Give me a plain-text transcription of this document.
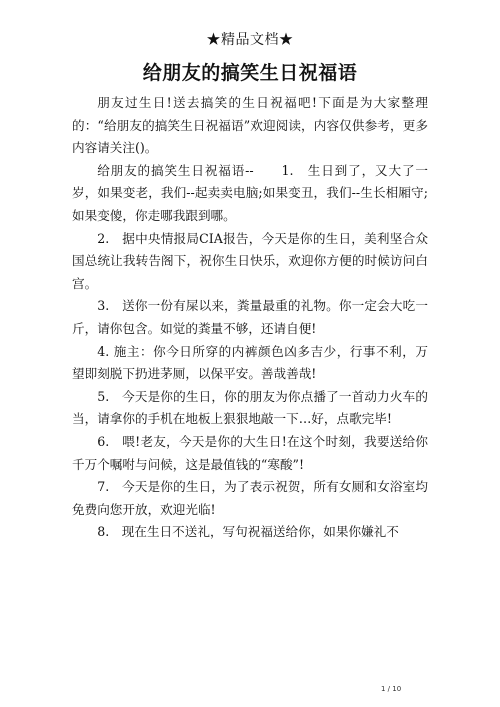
★精品文档★
给朋友的搞笑生日祝福语

朋友过生日!送去搞笑的生日祝福吧!下面是为大家整理的：“给朋友的搞笑生日祝福语”欢迎阅读，内容仅供参考，更多内容请关注()。

给朋友的搞笑生日祝福语--　　1.　生日到了，又大了一岁，如果变老，我们--起卖卖电脑;如果变丑，我们--生长相厢守;如果变傻，你走哪我跟到哪。

2.　据中央情报局CIA报告，今天是你的生日，美利坚合众国总统让我转告阁下，祝你生日快乐，欢迎你方便的时候访问白宫。

3.　送你一份有屎以来，粪量最重的礼物。你一定会大吃一斤，请你包含。如觉的粪量不够，还请自便!

4. 施主：你今日所穿的内裤颜色凶多吉少，行事不利，万望即刻脱下扔进茅厕，以保平安。善哉善哉!

5.　今天是你的生日，你的朋友为你点播了一首动力火车的当，请拿你的手机在地板上狠狠地敲一下…好，点歌完毕!

6.　喂!老友，今天是你的大生日!在这个时刻，我要送给你千万个嘱咐与问候，这是最值钱的“寒酸”!

7.　今天是你的生日，为了表示祝贺，所有女厕和女浴室均免费向您开放，欢迎光临!

8.　现在生日不送礼，写句祝福送给你，如果你嫌礼不

1 / 10
